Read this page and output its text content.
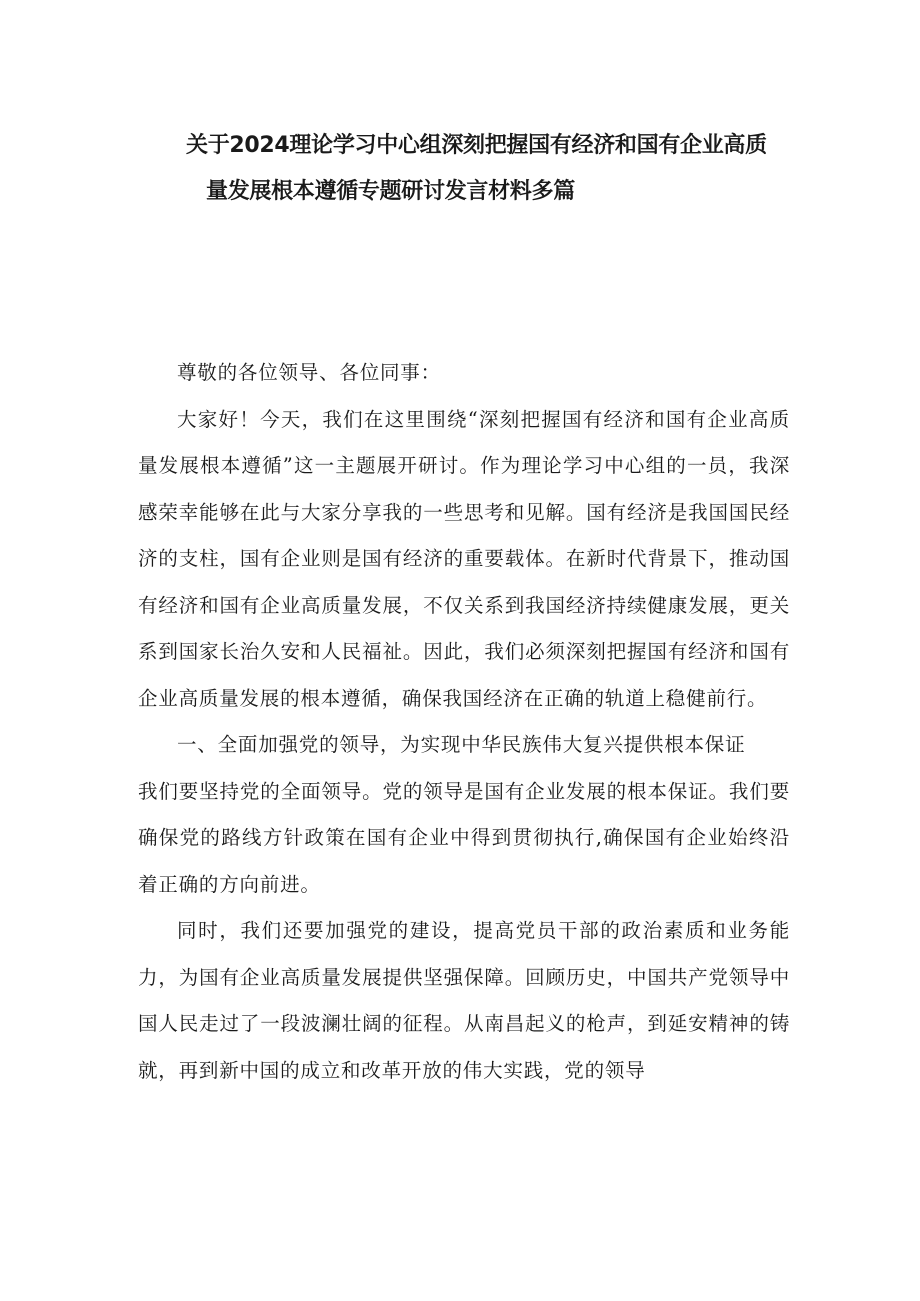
关于2024理论学习中心组深刻把握国有经济和国有企业高质
量发展根本遵循专题研讨发言材料多篇

尊敬的各位领导、各位同事：

大家好！今天，我们在这里围绕“深刻把握国有经济和国有企业高质量发展根本遵循”这一主题展开研讨。作为理论学习中心组的一员，我深感荣幸能够在此与大家分享我的一些思考和见解。国有经济是我国国民经济的支柱，国有企业则是国有经济的重要载体。在新时代背景下，推动国有经济和国有企业高质量发展，不仅关系到我国经济持续健康发展，更关系到国家长治久安和人民福祉。因此，我们必须深刻把握国有经济和国有企业高质量发展的根本遵循，确保我国经济在正确的轨道上稳健前行。

一、全面加强党的领导，为实现中华民族伟大复兴提供根本保证

我们要坚持党的全面领导。党的领导是国有企业发展的根本保证。我们要确保党的路线方针政策在国有企业中得到贯彻执行,确保国有企业始终沿着正确的方向前进。

同时，我们还要加强党的建设，提高党员干部的政治素质和业务能力，为国有企业高质量发展提供坚强保障。回顾历史，中国共产党领导中国人民走过了一段波澜壮阔的征程。从南昌起义的枪声，到延安精神的铸就，再到新中国的成立和改革开放的伟大实践，党的领导
